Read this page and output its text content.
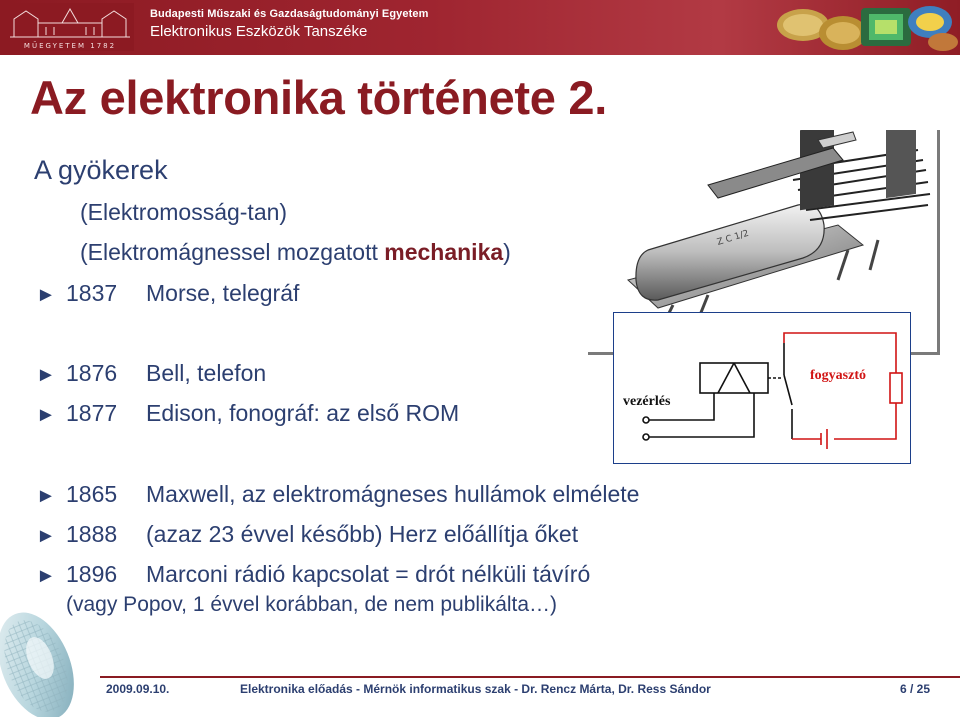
MŰEGYETEM 1782
Budapesti Műszaki és Gazdaságtudományi Egyetem
Elektronikus Eszközök Tanszéke
Az elektronika története 2.
A gyökerek
(Elektromosság-tan)
(Elektromágnessel mozgatott mechanika)
► 1837 Morse, telegráf
► 1876 Bell, telefon
► 1877 Edison, fonográf: az első ROM
► 1865 Maxwell, az elektromágneses hullámok elmélete
► 1888 (azaz 23 évvel később) Herz előállítja őket
► 1896 Marconi rádió kapcsolat = drót nélküli távíró
(vagy Popov, 1 évvel korábban, de nem publikálta…)
Z C 1/2
vezérlés
fogyasztó
2009.09.10.	Elektronika előadás - Mérnök informatikus szak - Dr. Rencz Márta, Dr. Ress Sándor	6 / 25
